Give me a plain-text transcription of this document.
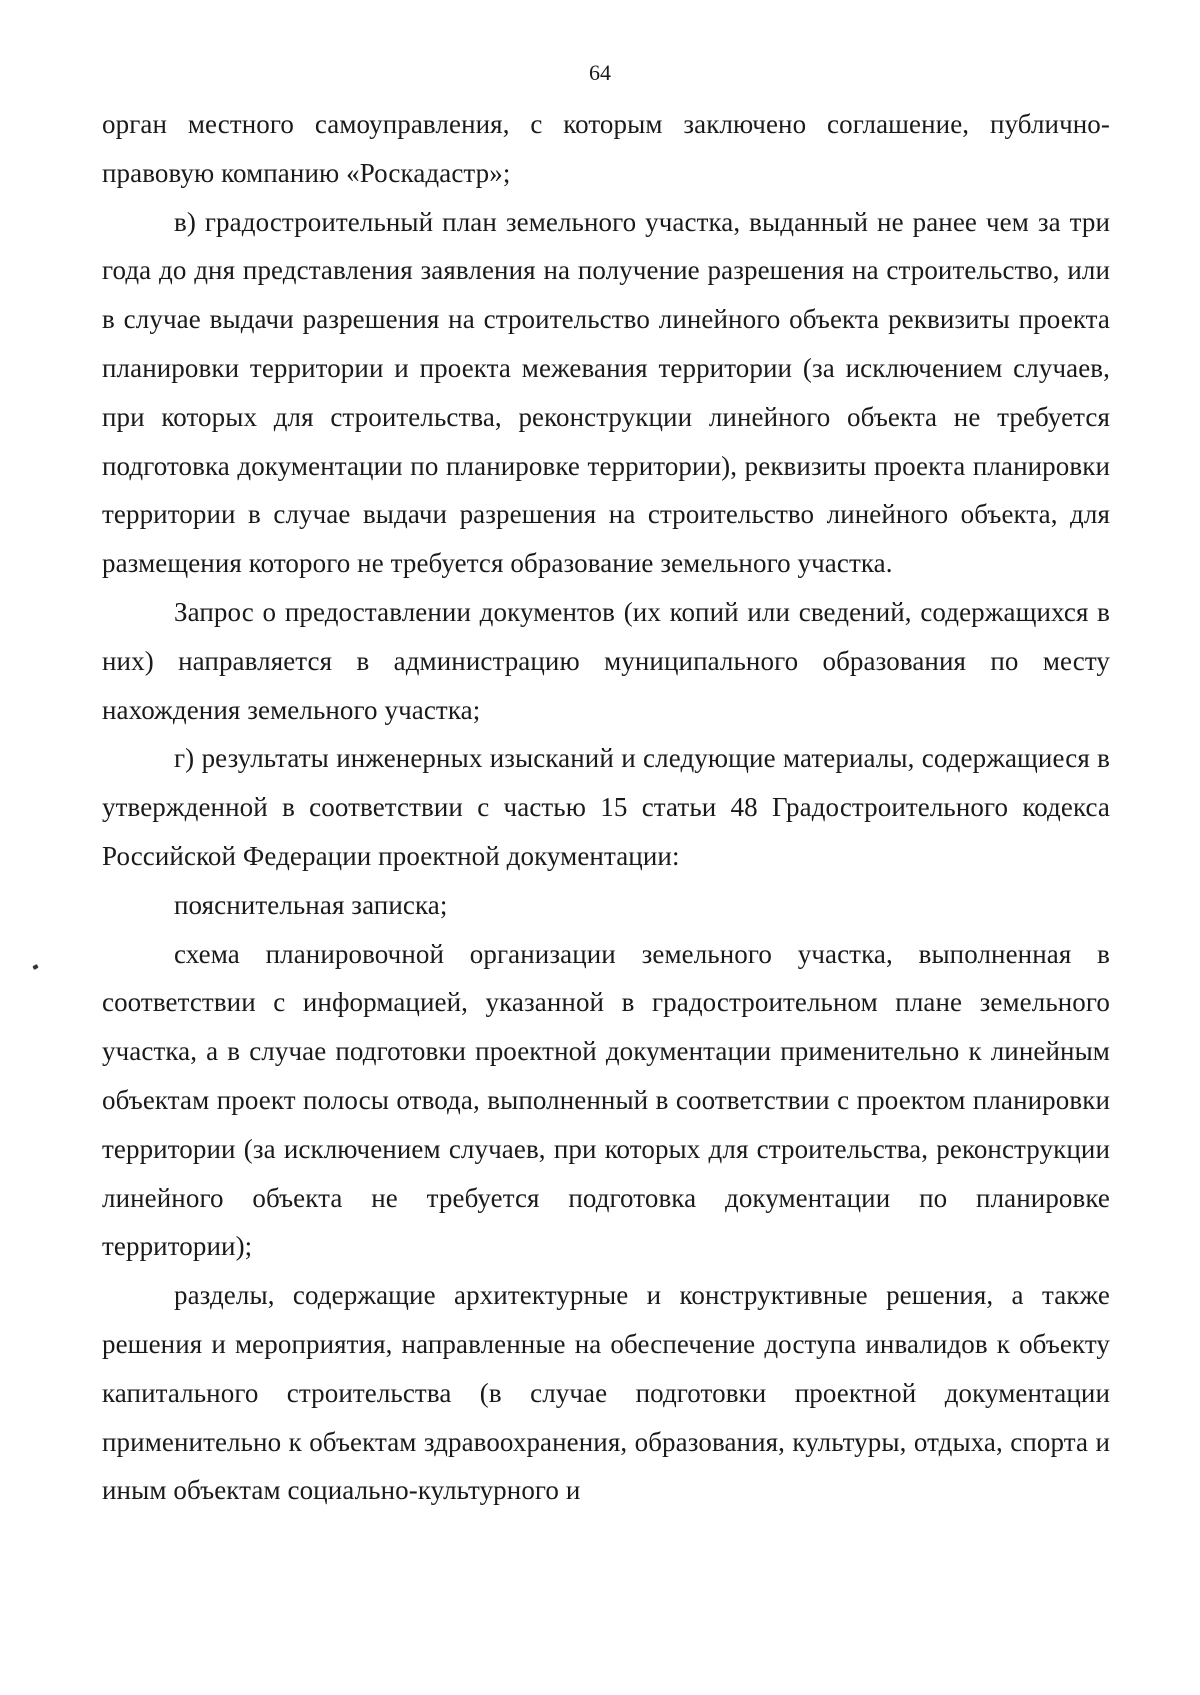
64

орган местного самоуправления, с которым заключено соглашение, публично-правовую компанию «Роскадастр»;

в) градостроительный план земельного участка, выданный не ранее чем за три года до дня представления заявления на получение разрешения на строительство, или в случае выдачи разрешения на строительство линейного объекта реквизиты проекта планировки территории и проекта межевания территории (за исключением случаев, при которых для строительства, реконструкции линейного объекта не требуется подготовка документации по планировке территории), реквизиты проекта планировки территории в случае выдачи разрешения на строительство линейного объекта, для размещения которого не требуется образование земельного участка.

Запрос о предоставлении документов (их копий или сведений, содержащихся в них) направляется в администрацию муниципального образования по месту нахождения земельного участка;

г) результаты инженерных изысканий и следующие материалы, содержащиеся в утвержденной в соответствии с частью 15 статьи 48 Градостроительного кодекса Российской Федерации проектной документации:

пояснительная записка;

схема планировочной организации земельного участка, выполненная в соответствии с информацией, указанной в градостроительном плане земельного участка, а в случае подготовки проектной документации применительно к линейным объектам проект полосы отвода, выполненный в соответствии с проектом планировки территории (за исключением случаев, при которых для строительства, реконструкции линейного объекта не требуется подготовка документации по планировке территории);

разделы, содержащие архитектурные и конструктивные решения, а также решения и мероприятия, направленные на обеспечение доступа инвалидов к объекту капитального строительства (в случае подготовки проектной документации применительно к объектам здравоохранения, образования, культуры, отдыха, спорта и иным объектам социально-культурного и
